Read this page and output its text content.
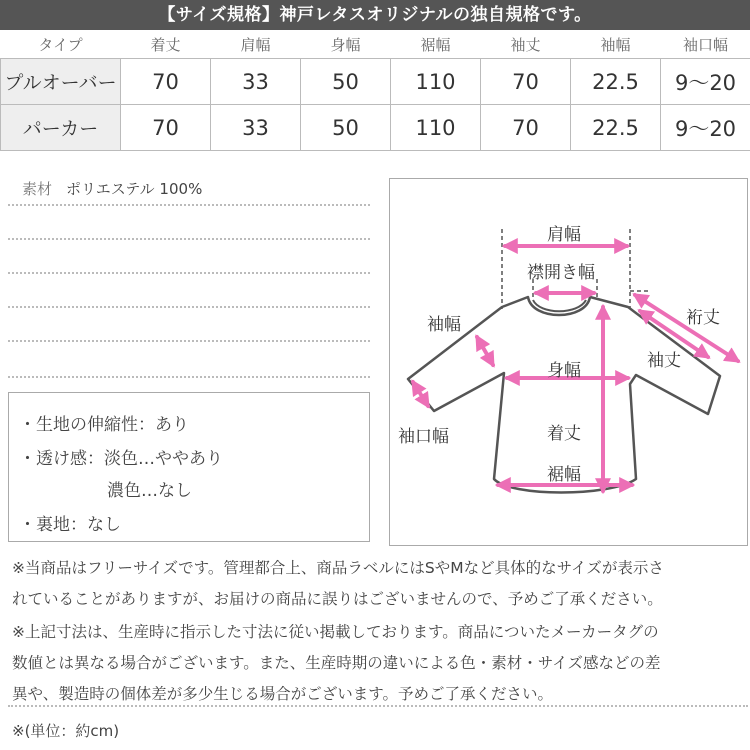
【サイズ規格】神戸レタスオリジナルの独自規格です。
タイプ	着丈	肩幅	身幅	裾幅	袖丈	袖幅	袖口幅
プルオーバー	70	33	50	110	70	22.5	9〜20
パーカー	70	33	50	110	70	22.5	9〜20
素材 ポリエステル 100%
・生地の伸縮性：あり
・透け感：淡色…ややあり
濃色…なし
・裏地：なし
肩幅
襟開き幅
裄丈
袖幅
袖丈
身幅
袖口幅	着丈
裾幅
※当商品はフリーサイズです。管理都合上、商品ラベルにはSやMなど具体的なサイズが表示さ
れていることがありますが、お届けの商品に誤りはございませんので、予めご了承ください。
※上記寸法は、生産時に指示した寸法に従い掲載しております。商品についたメーカータグの
数値とは異なる場合がございます。また、生産時期の違いによる色・素材・サイズ感などの差
異や、製造時の個体差が多少生じる場合がございます。予めご了承ください。
※(単位：約cm)
